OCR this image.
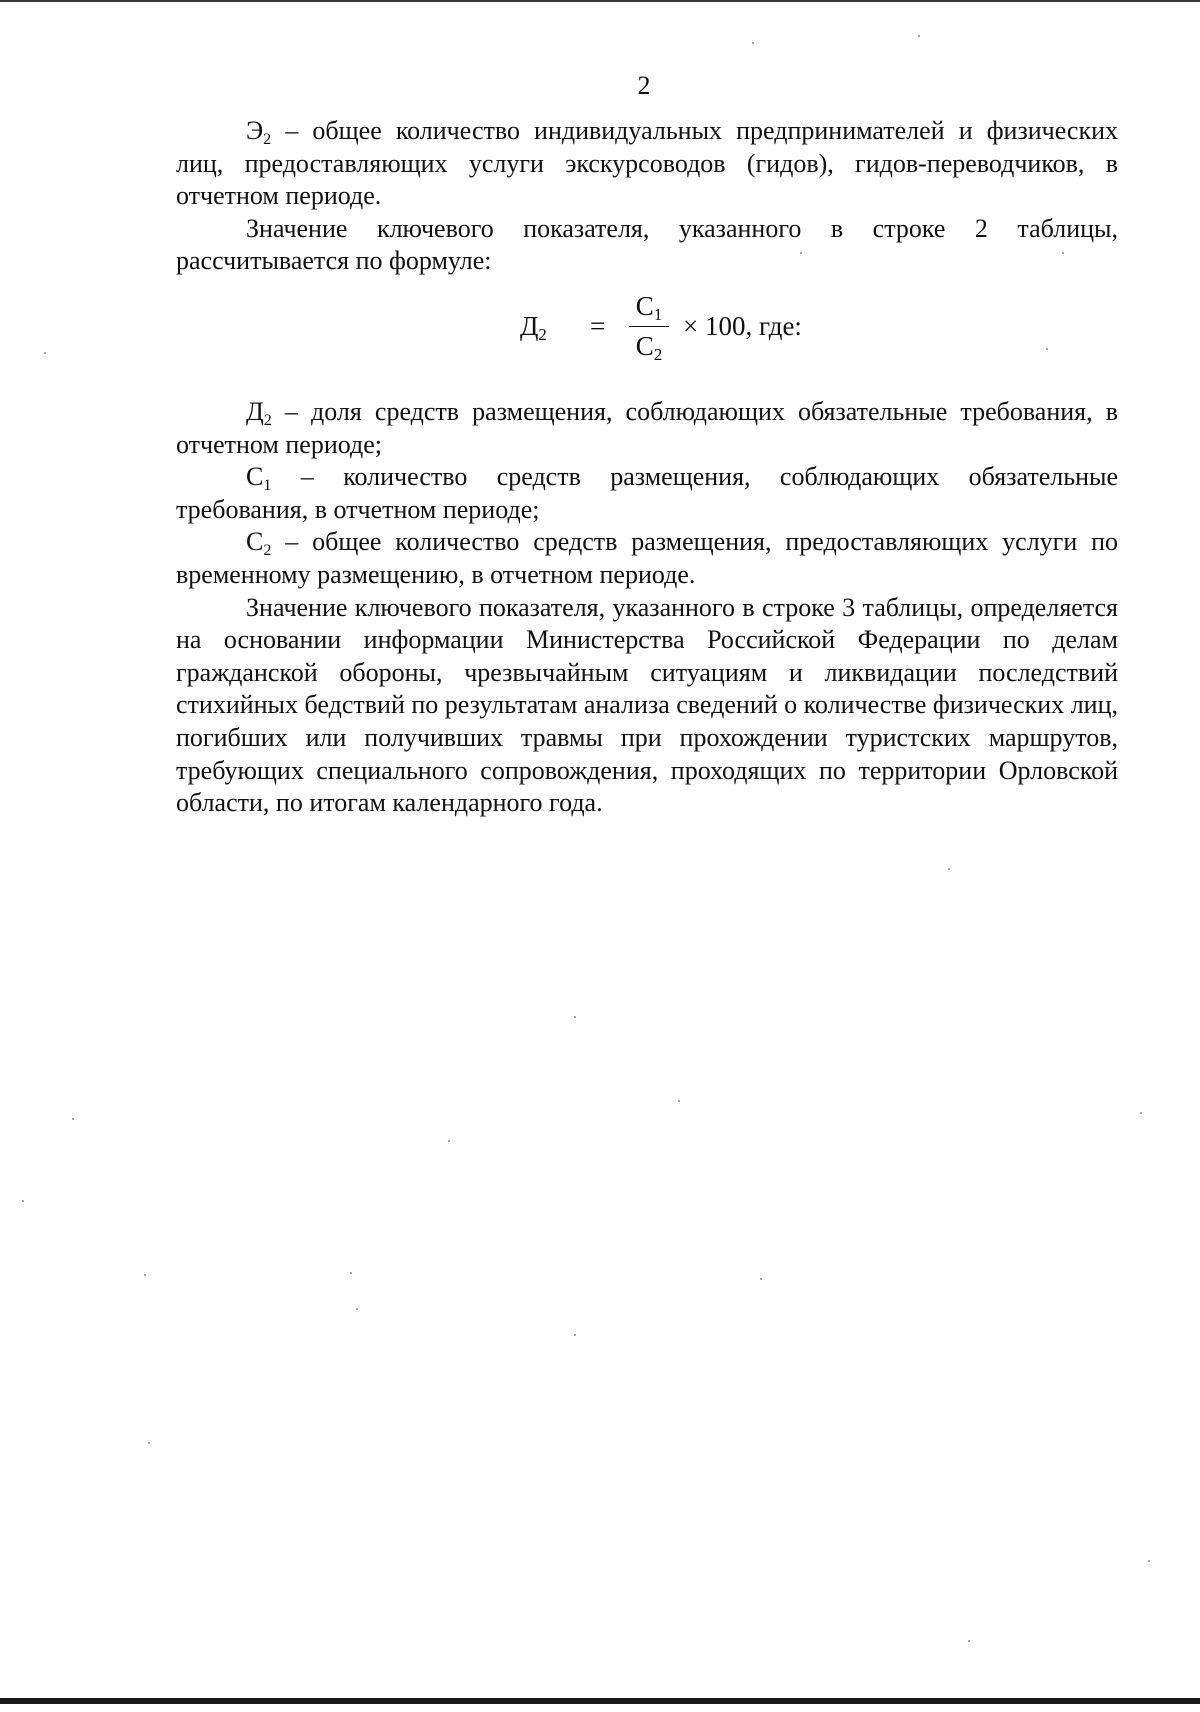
2

$Э_2$ – общее количество индивидуальных предпринимателей и физических лиц, предоставляющих услуги экскурсоводов (гидов), гидов-переводчиков, в отчетном периоде.

Значение ключевого показателя, указанного в строке 2 таблицы, рассчитывается по формуле:

$Д_2$ =
$С_1$
$С_2$
× 100, где:

$Д_2$ – доля средств размещения, соблюдающих обязательные требования, в отчетном периоде;

$С_1$ – количество средств размещения, соблюдающих обязательные требования, в отчетном периоде;

$С_2$ – общее количество средств размещения, предоставляющих услуги по временному размещению, в отчетном периоде.

Значение ключевого показателя, указанного в строке 3 таблицы, определяется на основании информации Министерства Российской Федерации по делам гражданской обороны, чрезвычайным ситуациям и ликвидации последствий стихийных бедствий по результатам анализа сведений о количестве физических лиц, погибших или получивших травмы при прохождении туристских маршрутов, требующих специального сопровождения, проходящих по территории Орловской области, по итогам календарного года.
